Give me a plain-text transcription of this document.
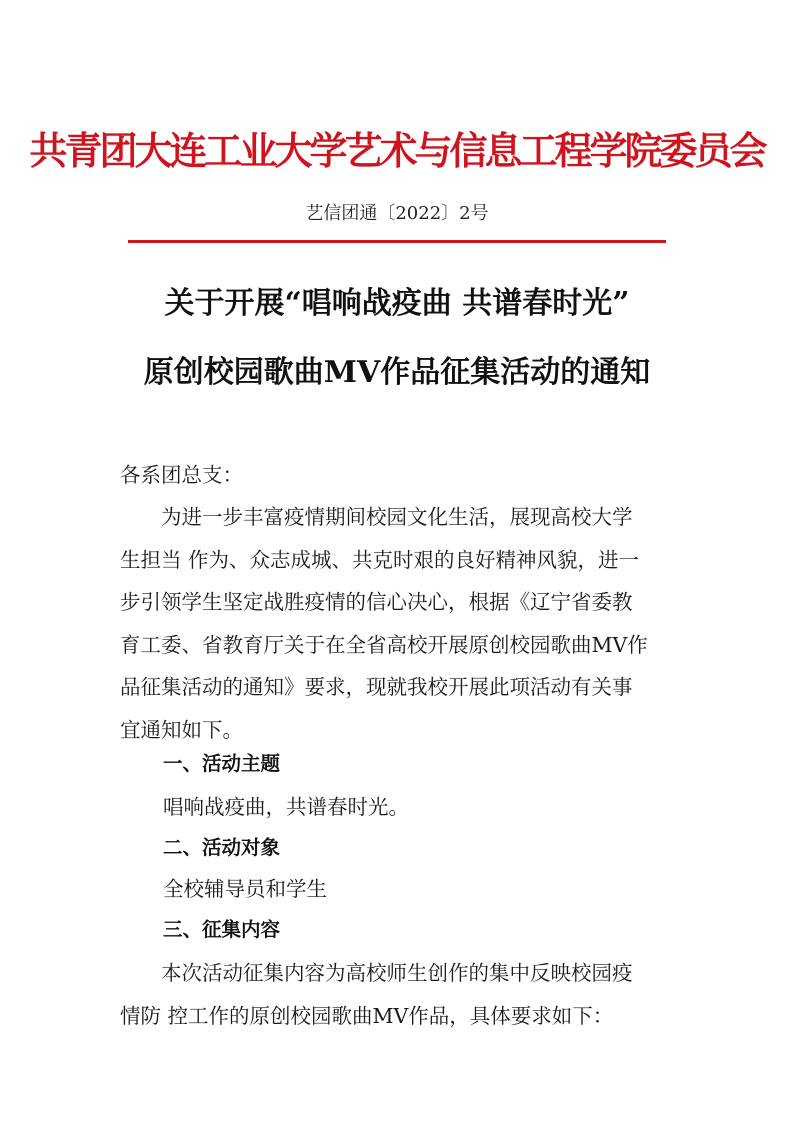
共青团大连工业大学艺术与信息工程学院委员会
艺信团通〔2022〕2号
关于开展“唱响战疫曲 共谱春时光”
原创校园歌曲MV作品征集活动的通知
各系团总支：
为进一步丰富疫情期间校园文化生活，展现高校大学
生担当 作为、众志成城、共克时艰的良好精神风貌，进一
步引领学生坚定战胜疫情的信心决心，根据《辽宁省委教
育工委、省教育厅关于在全省高校开展原创校园歌曲MV作
品征集活动的通知》要求，现就我校开展此项活动有关事
宜通知如下。
一、活动主题
唱响战疫曲，共谱春时光。
二、活动对象
全校辅导员和学生
三、征集内容
本次活动征集内容为高校师生创作的集中反映校园疫
情防 控工作的原创校园歌曲MV作品，具体要求如下：
